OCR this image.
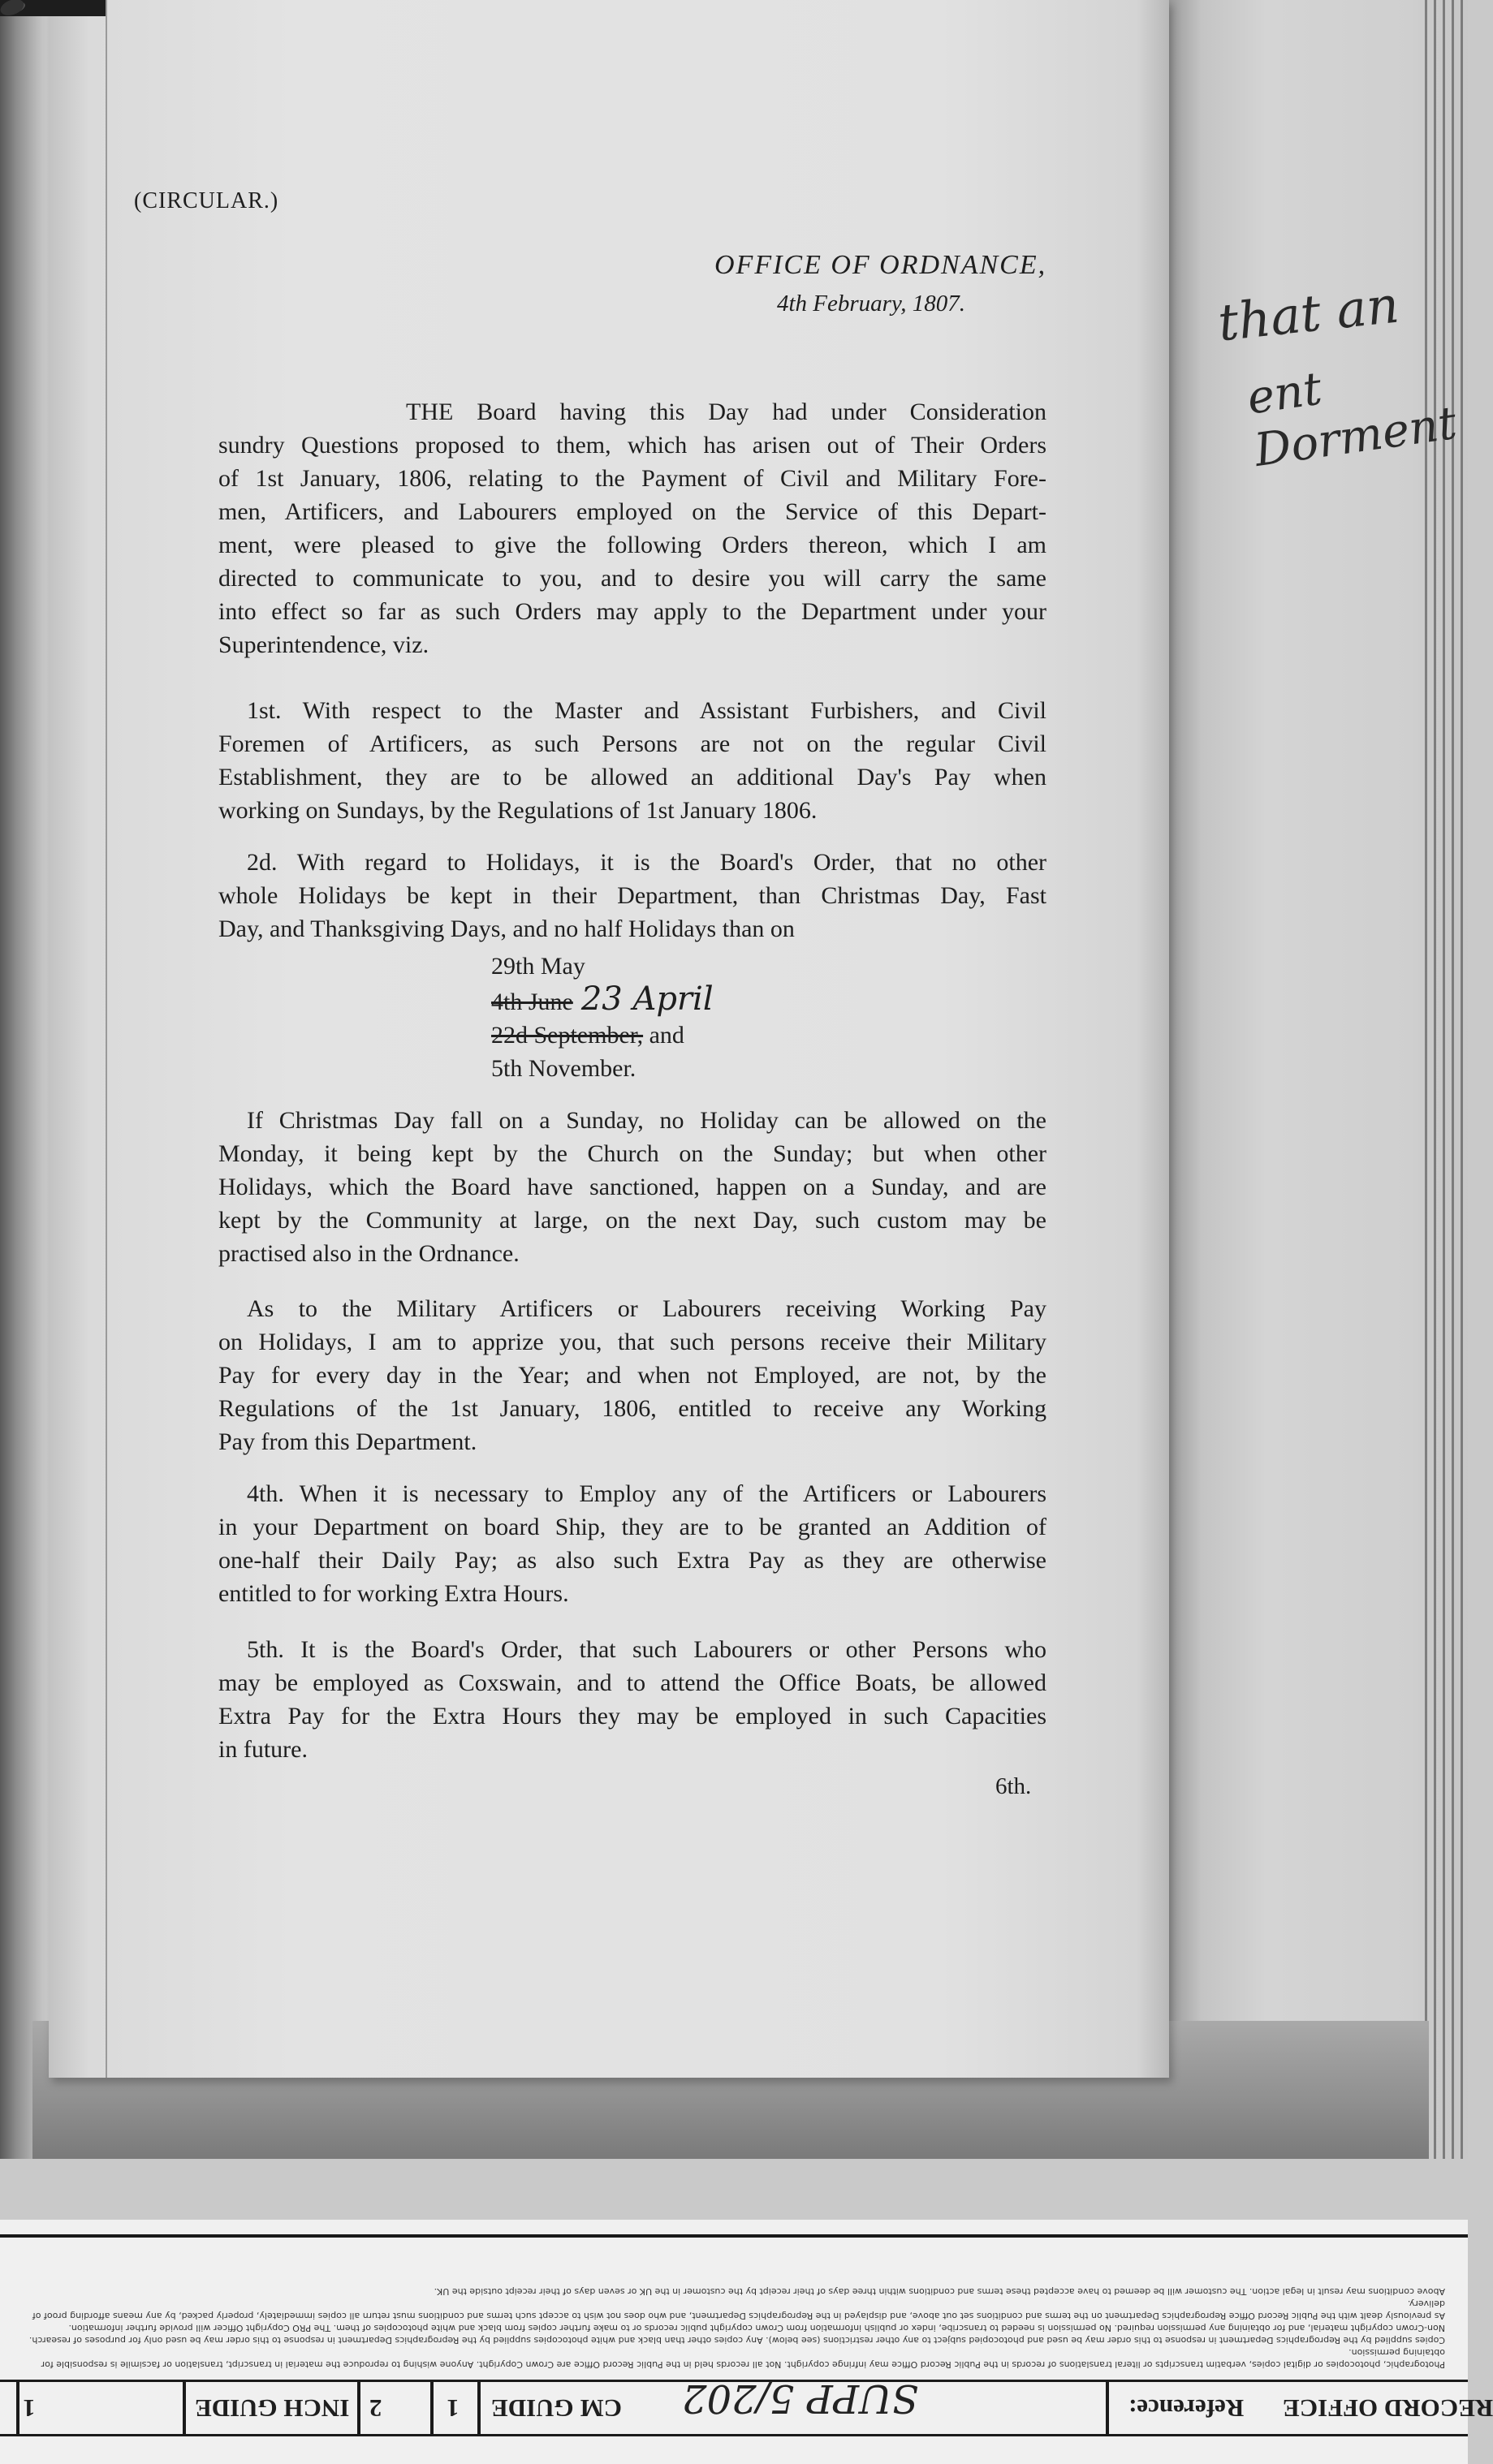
that an
ent Dorment
(CIRCULAR.)
OFFICE OF ORDNANCE,
4th February, 1807.
THE Board having this Day had under Consideration
sundry Questions proposed to them, which has arisen out of Their Orders
of 1st January, 1806, relating to the Payment of Civil and Military Fore-
men, Artificers, and Labourers employed on the Service of this Depart-
ment, were pleased to give the following Orders thereon, which I am
directed to communicate to you, and to desire you will carry the same
into effect so far as such Orders may apply to the Department under your
Superintendence, viz.
1st. With respect to the Master and Assistant Furbishers, and Civil
Foremen of Artificers, as such Persons are not on the regular Civil
Establishment, they are to be allowed an additional Day's Pay when
working on Sundays, by the Regulations of 1st January 1806.
2d. With regard to Holidays, it is the Board's Order, that no other
whole Holidays be kept in their Department, than Christmas Day, Fast
Day, and Thanksgiving Days, and no half Holidays than on
29th May
4th June 23 April
22d September, and
5th November.
If Christmas Day fall on a Sunday, no Holiday can be allowed on the
Monday, it being kept by the Church on the Sunday; but when other
Holidays, which the Board have sanctioned, happen on a Sunday, and are
kept by the Community at large, on the next Day, such custom may be
practised also in the Ordnance.
As to the Military Artificers or Labourers receiving Working Pay
on Holidays, I am to apprize you, that such persons receive their Military
Pay for every day in the Year; and when not Employed, are not, by the
Regulations of the 1st January, 1806, entitled to receive any Working
Pay from this Department.
4th. When it is necessary to Employ any of the Artificers or Labourers
in your Department on board Ship, they are to be granted an Addition of
one-half their Daily Pay; as also such Extra Pay as they are otherwise
entitled to for working Extra Hours.
5th. It is the Board's Order, that such Labourers or other Persons who
may be employed as Coxswain, and to attend the Office Boats, be allowed
Extra Pay for the Extra Hours they may be employed in such Capacities
in future.
6th.
Photographic, photocopies or digital copies, verbatim transcripts or literal translations of records in the Public Record Office may infringe copyright. Not all records held in the Public Record Office are Crown Copyright. Anyone wishing to reproduce the material in transcript, translation or facsimile is responsible for obtaining permission.
Copies supplied by the Reprographics Department in response to this order may be used and photocopied subject to any other restrictions (see below). Any copies other than black and white photocopies supplied by the Reprographics Department in response to this order may be used only for purposes of research.
Non-Crown copyright material, and for obtaining any permission required. No permission is needed to transcribe, index or publish information from Crown copyright public records or to make further copies from black and white photocopies of them. The PRO Copyright Officer will provide further information.
As previously dealt with the Public Record Office Reprographics Department on the terms and conditions set out above, and displayed in the Reprographics Department, and who does not wish to accept such terms and conditions must return all copies immediately, properly packed, by any means affording proof of delivery.
Above conditions may result in legal action. The customer will be deemed to have accepted these terms and conditions within three days of their receipt by the customer in the UK or seven days of their receipt outside the UK.
RECORD OFFICE
Reference:
CM GUIDE
1
2
INCH GUIDE
1	SUPP 5/202
